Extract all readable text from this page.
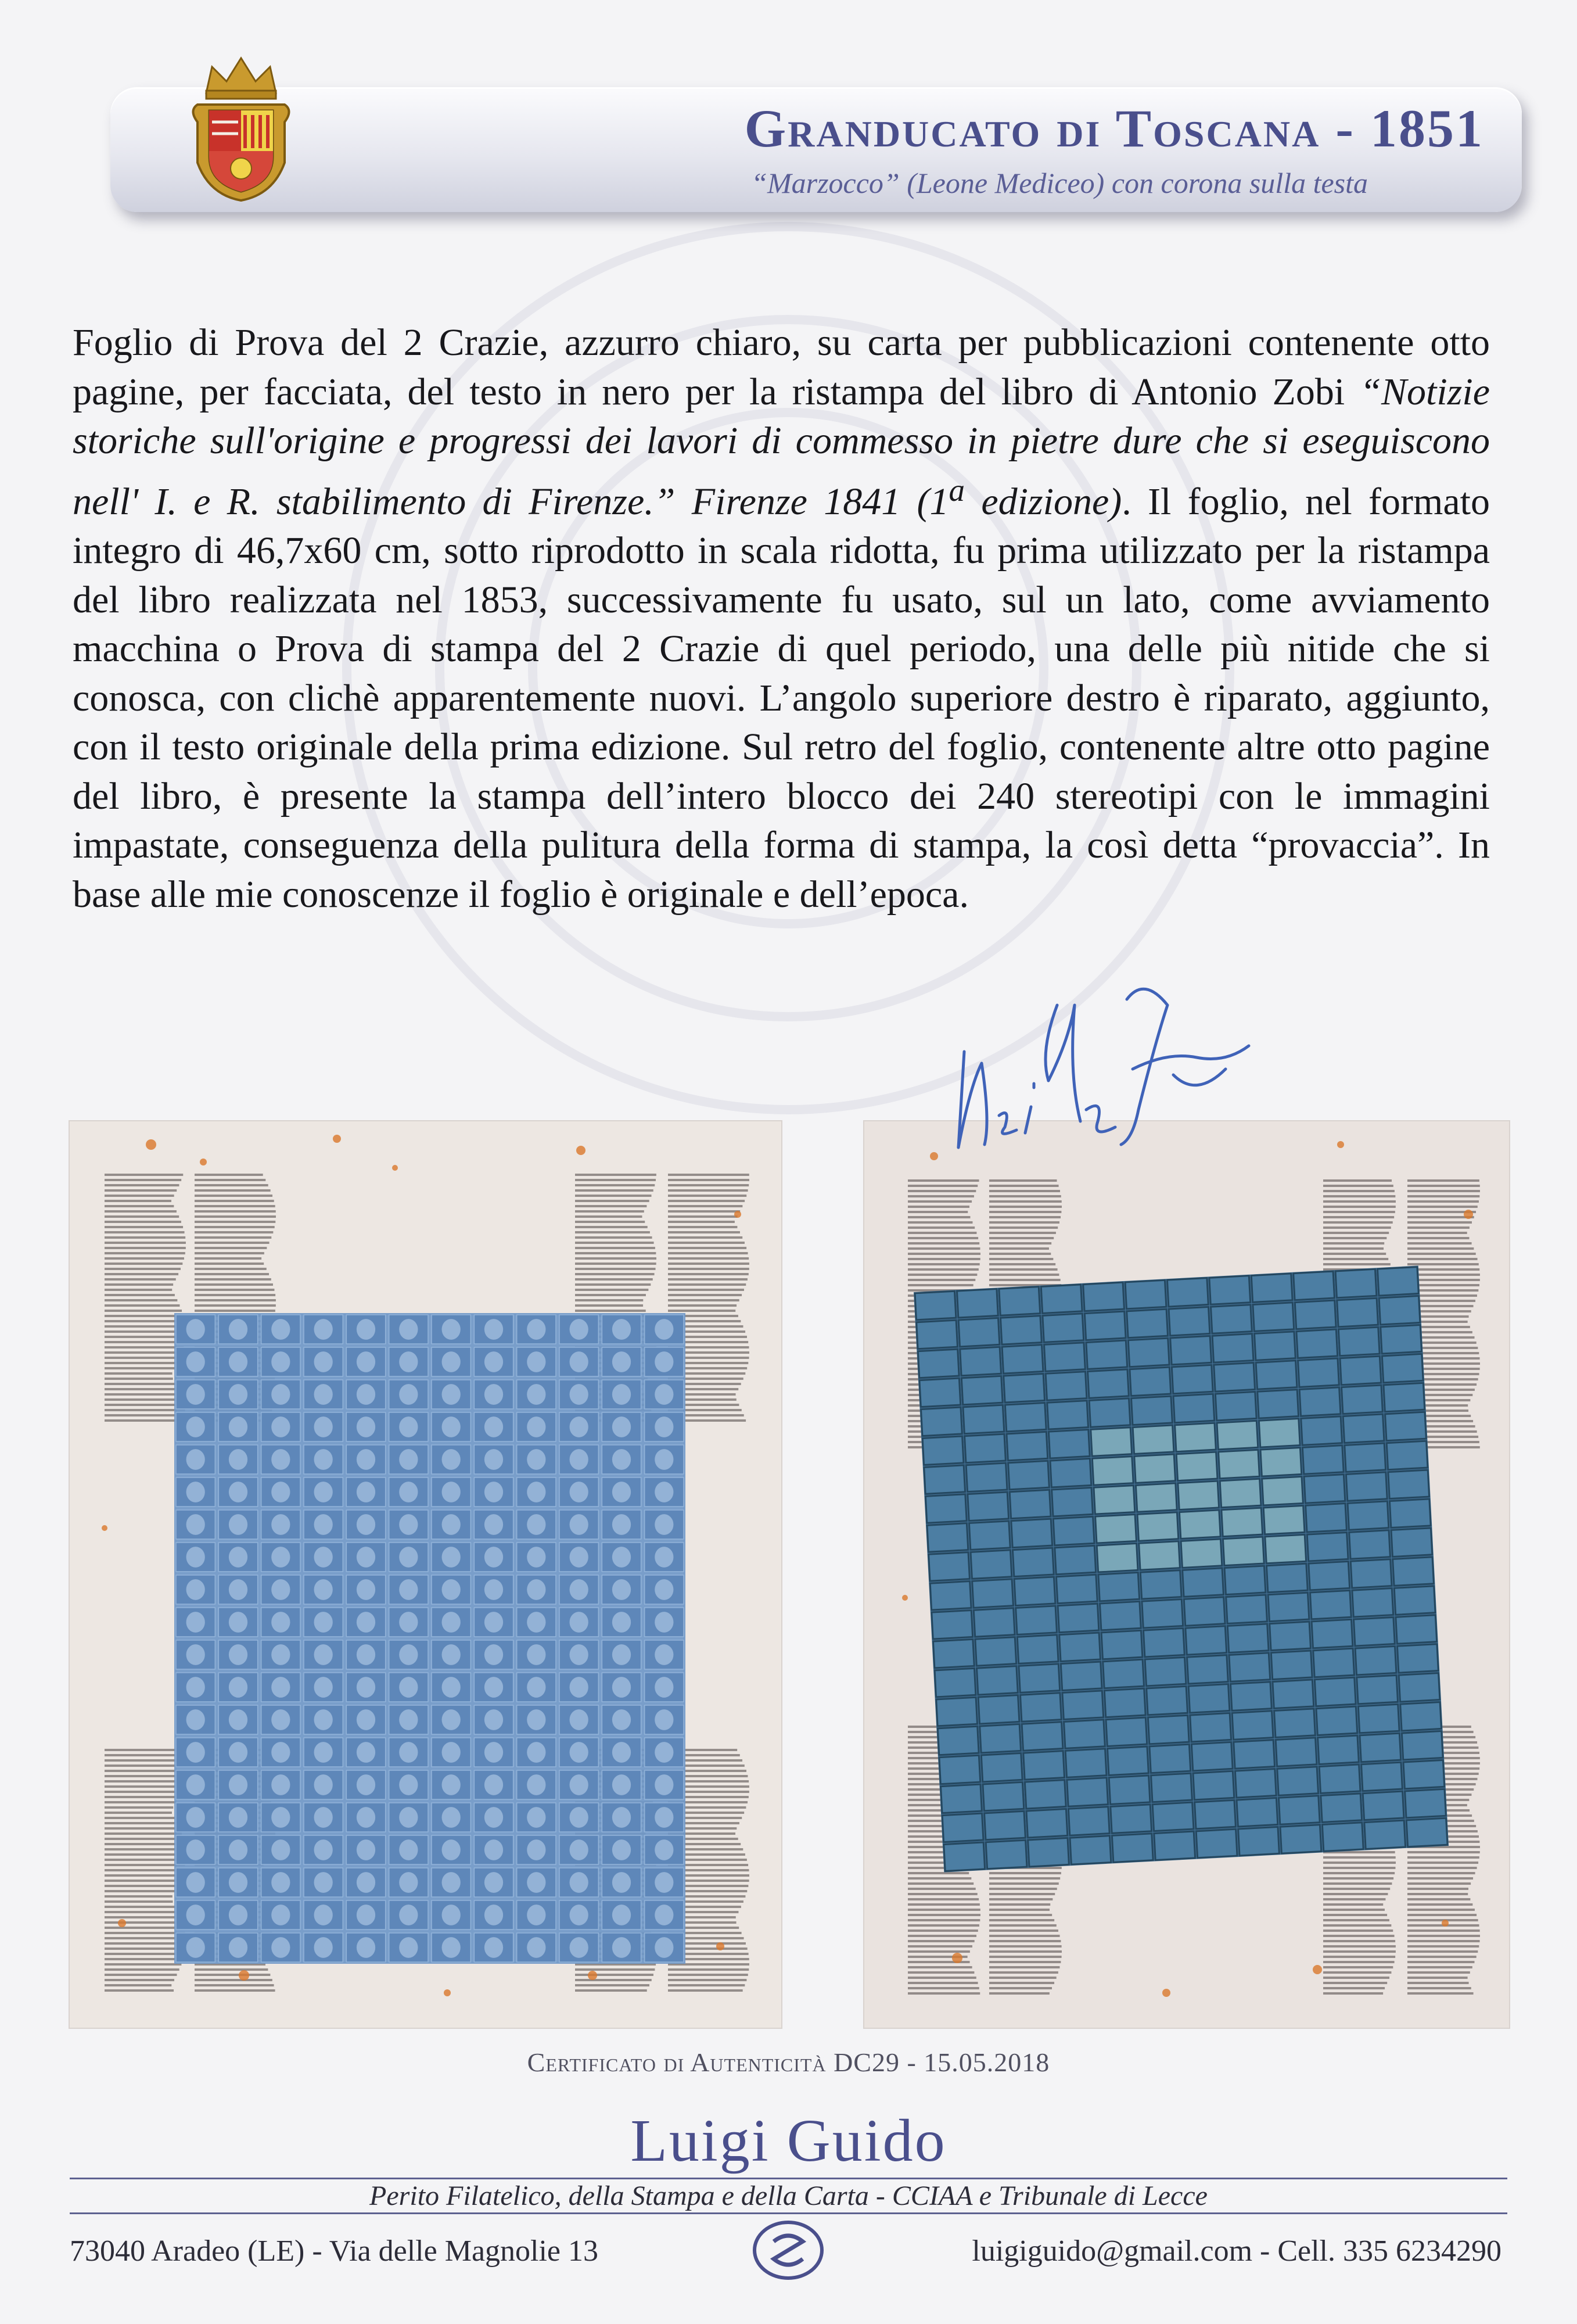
Granducato di Toscana - 1851
“Marzocco” (Leone Mediceo) con corona sulla testa

Foglio di Prova del 2 Crazie, azzurro chiaro, su carta per pubblicazioni contenente otto pagine, per facciata, del testo in nero per la ristampa del libro di Antonio Zobi “Notizie storiche sull'origine e progressi dei lavori di commesso in pietre dure che si eseguiscono nell' I. e R. stabilimento di Firenze.” Firenze 1841 (1$^a$ edizione). Il foglio, nel formato integro di 46,7x60 cm, sotto riprodotto in scala ridotta, fu prima utilizzato per la ristampa del libro realizzata nel 1853, successivamente fu usato, sul un lato, come avviamento macchina o Prova di stampa del 2 Crazie di quel periodo, una delle più nitide che si conosca, con clichè apparentemente nuovi. L’angolo superiore destro è riparato, aggiunto, con il testo originale della prima edizione. Sul retro del foglio, contenente altre otto pagine del libro, è presente la stampa dell’intero blocco dei 240 stereotipi con le immagini impastate, conseguenza della pulitura della forma di stampa, la così detta “provaccia”. In base alle mie conoscenze il foglio è originale e dell’epoca.

Certificato di Autenticità DC29 - 15.05.2018
Luigi Guido
Perito Filatelico, della Stampa e della Carta - CCIAA e Tribunale di Lecce
73040 Aradeo (LE) - Via delle Magnolie 13	luigiguido@gmail.com - Cell. 335 6234290
